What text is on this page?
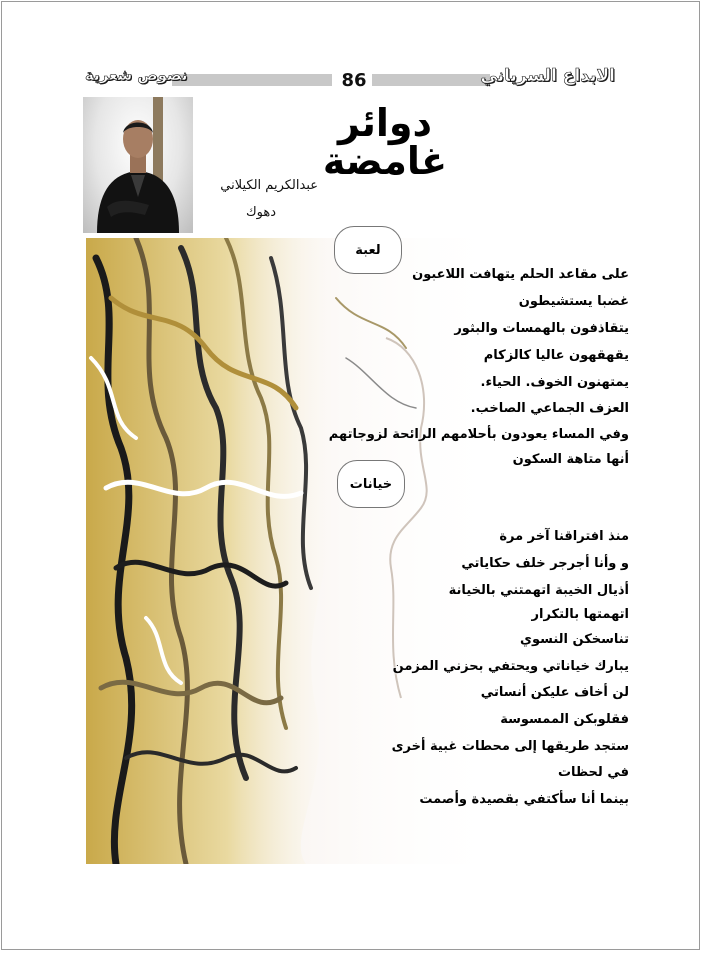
نصوص شعرية	86	الابداع السرياني
دوائر غامضة
عبدالكريم الكيلاني
دهوك
لعبة
على مقاعد الحلم يتهافت اللاعبون
غضبا يستشيطون
يتقاذفون بالهمسات والبثور
يقهقهون عاليا كالزكام
يمتهنون الخوف. الحياء.
العزف الجماعي الصاخب.
وفي المساء يعودون بأحلامهم الرائحة لزوجاتهم
أنها متاهة السكون
خيانات
منذ افتراقنا آخر مرة
و وأنا أجرجر خلف حكاياتي
أذيال الخيبة اتهمتني بالخيانة
اتهمتها بالتكرار
تناسخكن النسوي
يبارك خياناتي ويحتفي بحزني المزمن
لن أخاف عليكن أنساتي
فقلوبكن الممسوسة
ستجد طريقها إلى محطات غبية أخرى
في لحظات
بينما أنا سأكتفي بقصيدة وأصمت
